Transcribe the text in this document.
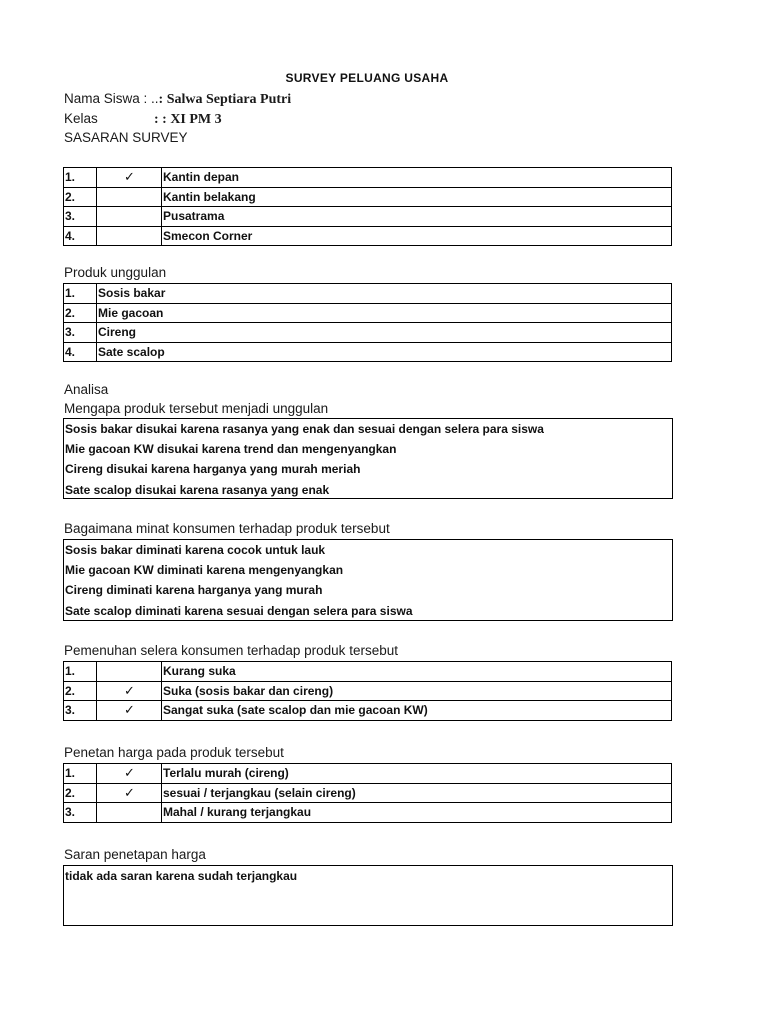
SURVEY PELUANG USAHA
Nama Siswa : ..: Salwa Septiara Putri
Kelas	: : XI PM 3
SASARAN SURVEY
1.	✓	Kantin depan
2.		Kantin belakang
3.		Pusatrama
4.		Smecon Corner
Produk unggulan
1.	Sosis bakar
2.	Mie gacoan
3.	Cireng
4.	Sate scalop
Analisa
Mengapa produk tersebut menjadi unggulan
Sosis bakar disukai karena rasanya yang enak dan sesuai dengan selera para siswa
Mie gacoan KW disukai karena trend dan mengenyangkan
Cireng disukai karena harganya yang murah meriah
Sate scalop disukai karena rasanya yang enak
Bagaimana minat konsumen terhadap produk tersebut
Sosis bakar diminati karena cocok untuk lauk
Mie gacoan KW diminati karena mengenyangkan
Cireng diminati karena harganya yang murah
Sate scalop diminati karena sesuai dengan selera para siswa
Pemenuhan selera konsumen terhadap produk tersebut
1.		Kurang suka
2.	✓	Suka (sosis bakar dan cireng)
3.	✓	Sangat suka (sate scalop dan mie gacoan KW)
Penetan harga pada produk tersebut
1.	✓	Terlalu murah (cireng)
2.	✓	sesuai / terjangkau (selain cireng)
3.		Mahal / kurang terjangkau
Saran penetapan harga
tidak ada saran karena sudah terjangkau
